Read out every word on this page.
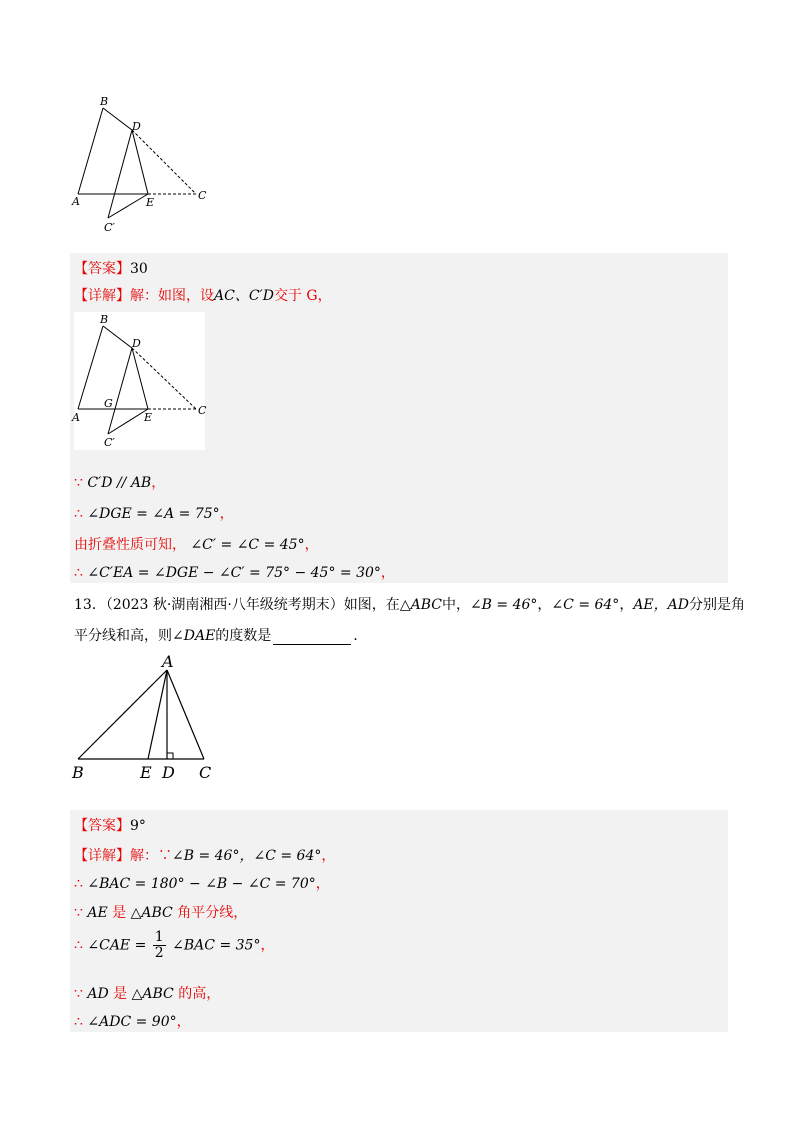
B
D
A	E
C
C′
【答案】30
【详解】解：如图，设AC、C′D交于 G，
B
D
A
G
E
C
C′
∵ C′D // AB，
∴ ∠DGE = ∠A = 75°，
由折叠性质可知， ∠C′ = ∠C = 45°，
∴ ∠C′EA = ∠DGE − ∠C′ = 75° − 45° = 30°，
13．（2023 秋·湖南湘西·八年级统考期末）如图，在△ABC中，∠B = 46°，∠C = 64°，AE，AD分别是角
平分线和高，则∠DAE的度数是	.
A
B	E D C
【答案】9°
【详解】解：∵∠B = 46°，∠C = 64°，
∴ ∠BAC = 180° − ∠B − ∠C = 70°，
∵ AE 是 △ABC 角平分线，
∴ ∠CAE = $\frac{1}{2}$ ∠BAC = 35°，
∵ AD 是 △ABC 的高，
∴ ∠ADC = 90°，
